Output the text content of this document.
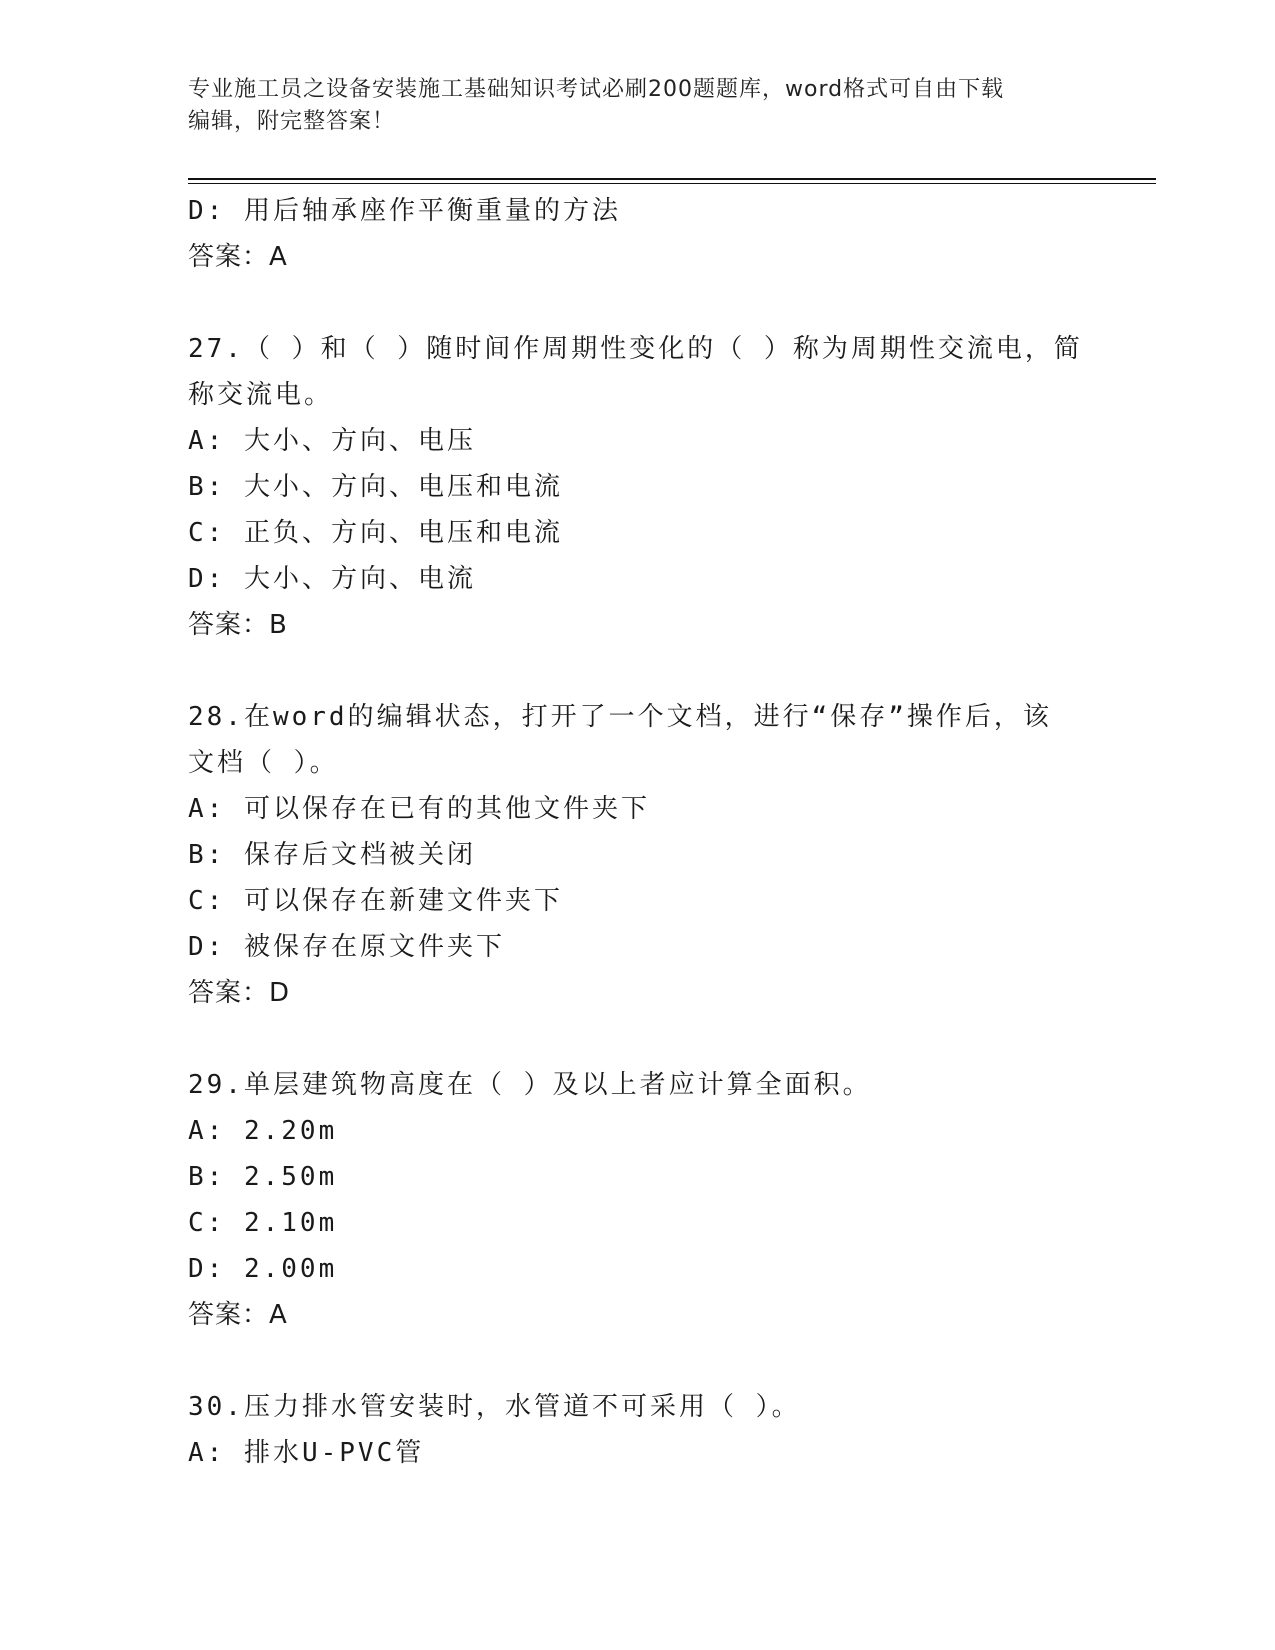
专业施工员之设备安装施工基础知识考试必刷200题题库，word格式可自由下载
编辑，附完整答案！
D: 用后轴承座作平衡重量的方法
答案：A
27.（ ）和（ ）随时间作周期性变化的（ ）称为周期性交流电，简
称交流电。
A: 大小、方向、电压
B: 大小、方向、电压和电流
C: 正负、方向、电压和电流
D: 大小、方向、电流
答案：B
28.在word的编辑状态，打开了一个文档，进行“保存”操作后，该
文档（ ）。
A: 可以保存在已有的其他文件夹下
B: 保存后文档被关闭
C: 可以保存在新建文件夹下
D: 被保存在原文件夹下
答案：D
29.单层建筑物高度在（ ）及以上者应计算全面积。
A: 2.20m
B: 2.50m
C: 2.10m
D: 2.00m
答案：A
30.压力排水管安装时，水管道不可采用（ ）。
A: 排水U-PVC管
